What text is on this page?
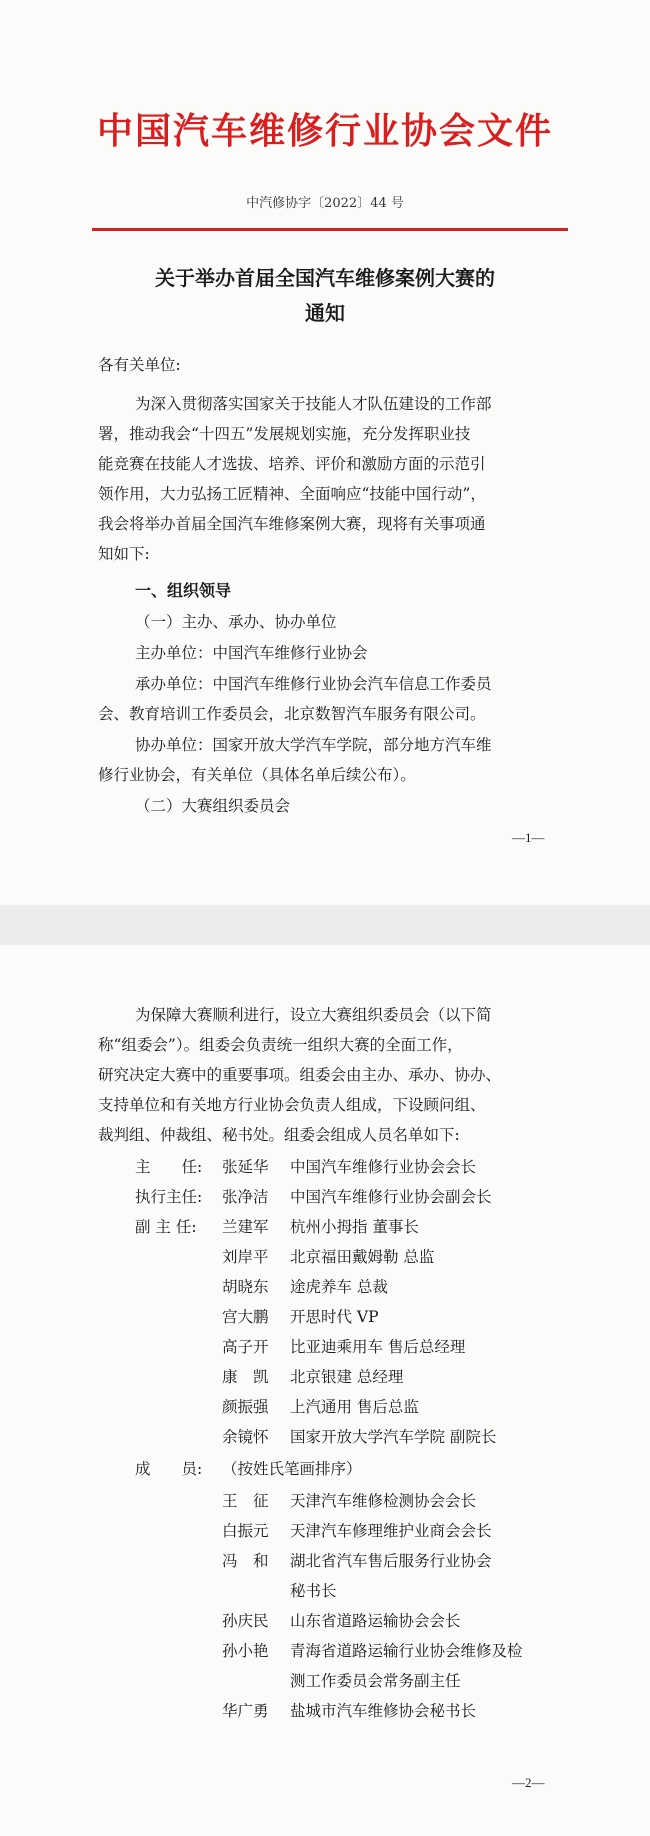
中国汽车维修行业协会文件
中汽修协字〔2022〕44 号
关于举办首届全国汽车维修案例大赛的
通知
各有关单位:
为深入贯彻落实国家关于技能人才队伍建设的工作部
署，推动我会“十四五”发展规划实施，充分发挥职业技
能竞赛在技能人才选拔、培养、评价和激励方面的示范引
领作用，大力弘扬工匠精神、全面响应“技能中国行动”，
我会将举办首届全国汽车维修案例大赛，现将有关事项通
知如下:
一、组织领导
（一）主办、承办、协办单位
主办单位：中国汽车维修行业协会
承办单位：中国汽车维修行业协会汽车信息工作委员
会、教育培训工作委员会，北京数智汽车服务有限公司。
协办单位：国家开放大学汽车学院，部分地方汽车维
修行业协会，有关单位（具体名单后续公布）。
（二）大赛组织委员会
—1—
为保障大赛顺利进行，设立大赛组织委员会（以下简
称“组委会”）。组委会负责统一组织大赛的全面工作，
研究决定大赛中的重要事项。组委会由主办、承办、协办、
支持单位和有关地方行业协会负责人组成，下设顾问组、
裁判组、仲裁组、秘书处。组委会组成人员名单如下:
主　　任: 张延华 中国汽车维修行业协会会长
执行主任: 张净洁 中国汽车维修行业协会副会长
副 主 任: 兰建军 杭州小拇指 董事长
刘岸平 北京福田戴姆勒 总监
胡晓东 途虎养车 总裁
宫大鹏 开思时代 VP
高子开 比亚迪乘用车 售后总经理
康　凯 北京银建 总经理
颜振强 上汽通用 售后总监
余镜怀 国家开放大学汽车学院 副院长
成　　员: （按姓氏笔画排序）
王　征 天津汽车维修检测协会会长
白振元 天津汽车修理维护业商会会长
冯　和 湖北省汽车售后服务行业协会
秘书长
孙庆民 山东省道路运输协会会长
孙小艳 青海省道路运输行业协会维修及检
测工作委员会常务副主任
华广勇 盐城市汽车维修协会秘书长
—2—
